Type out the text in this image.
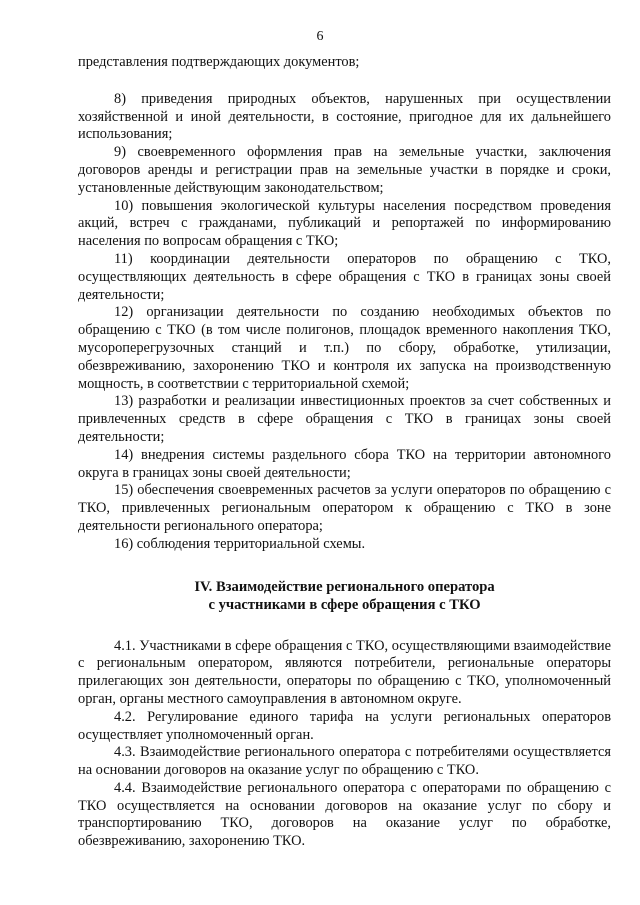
6

представления подтверждающих документов;

8) приведения природных объектов, нарушенных при осуществлении хозяйственной и иной деятельности, в состояние, пригодное для их дальнейшего использования;

9) своевременного оформления прав на земельные участки, заключения договоров аренды и регистрации прав на земельные участки в порядке и сроки, установленные действующим законодательством;

10) повышения экологической культуры населения посредством проведения акций, встреч с гражданами, публикаций и репортажей по информированию населения по вопросам обращения с ТКО;

11) координации деятельности операторов по обращению с ТКО, осуществляющих деятельность в сфере обращения с ТКО в границах зоны своей деятельности;

12) организации деятельности по созданию необходимых объектов по обращению с ТКО (в том числе полигонов, площадок временного накопления ТКО, мусороперегрузочных станций и т.п.) по сбору, обработке, утилизации, обезвреживанию, захоронению ТКО и контроля их запуска на производственную мощность, в соответствии с территориальной схемой;

13) разработки и реализации инвестиционных проектов за счет собственных и привлеченных средств в сфере обращения с ТКО в границах зоны своей деятельности;

14) внедрения системы раздельного сбора ТКО на территории автономного округа в границах зоны своей деятельности;

15) обеспечения своевременных расчетов за услуги операторов по обращению с ТКО, привлеченных региональным оператором к обращению с ТКО в зоне деятельности регионального оператора;

16) соблюдения территориальной схемы.

IV. Взаимодействие регионального оператора
с участниками в сфере обращения с ТКО

4.1. Участниками в сфере обращения с ТКО, осуществляющими взаимодействие с региональным оператором, являются потребители, региональные операторы прилегающих зон деятельности, операторы по обращению с ТКО, уполномоченный орган, органы местного самоуправления в автономном округе.

4.2. Регулирование единого тарифа на услуги региональных операторов осуществляет уполномоченный орган.

4.3. Взаимодействие регионального оператора с потребителями осуществляется на основании договоров на оказание услуг по обращению с ТКО.

4.4. Взаимодействие регионального оператора с операторами по обращению с ТКО осуществляется на основании договоров на оказание услуг по сбору и транспортированию ТКО, договоров на оказание услуг по обработке, обезвреживанию, захоронению ТКО.
